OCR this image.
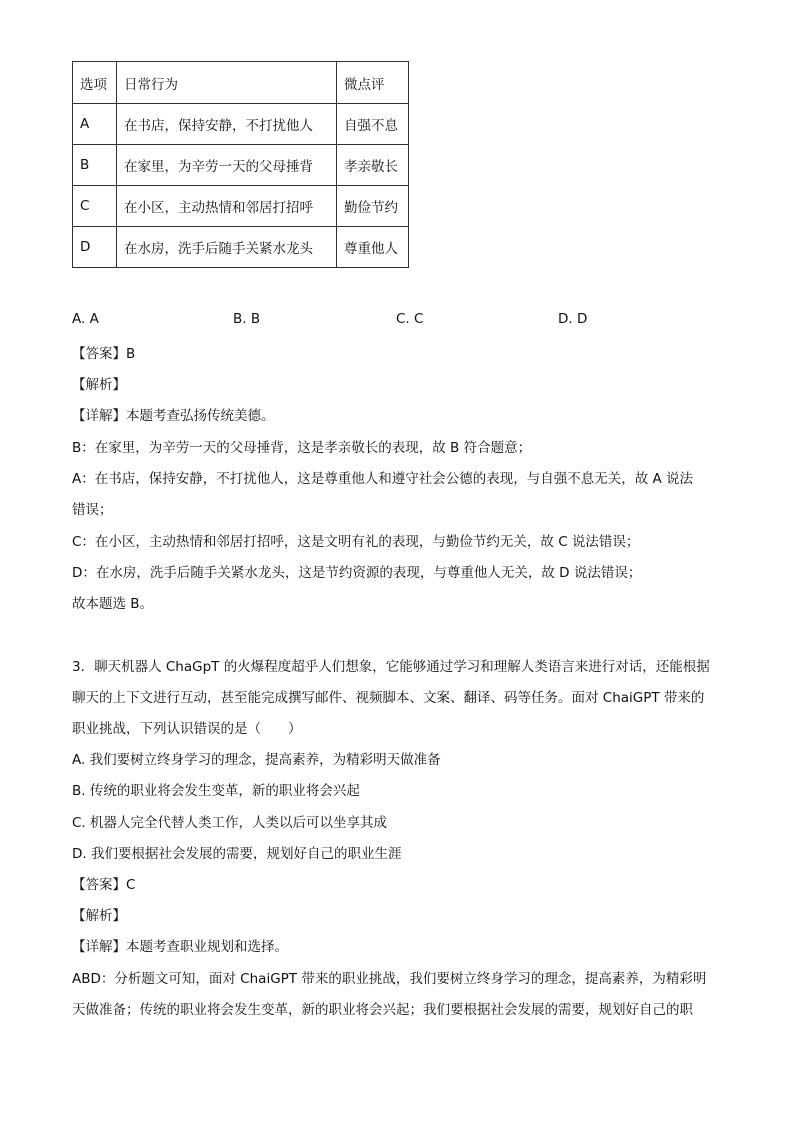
选项	日常行为	微点评
A	在书店，保持安静，不打扰他人	自强不息
B	在家里，为辛劳一天的父母捶背	孝亲敬长
C	在小区，主动热情和邻居打招呼	勤俭节约
D	在水房，洗手后随手关紧水龙头	尊重他人
A. A	B. B	C. C	D. D
【答案】B
【解析】
【详解】本题考查弘扬传统美德。
B：在家里，为辛劳一天的父母捶背，这是孝亲敬长的表现，故 B 符合题意；
A：在书店，保持安静，不打扰他人，这是尊重他人和遵守社会公德的表现，与自强不息无关，故 A 说法
错误；
C：在小区，主动热情和邻居打招呼，这是文明有礼的表现，与勤俭节约无关，故 C 说法错误；
D：在水房，洗手后随手关紧水龙头，这是节约资源的表现，与尊重他人无关，故 D 说法错误；
故本题选 B。
3．聊天机器人 ChaGpT 的火爆程度超乎人们想象，它能够通过学习和理解人类语言来进行对话，还能根据
聊天的上下文进行互动，甚至能完成撰写邮件、视频脚本、文案、翻译、码等任务。面对 ChaiGPT 带来的
职业挑战，下列认识错误的是（　　）
A. 我们要树立终身学习的理念，提高素养，为精彩明天做准备
B. 传统的职业将会发生变革，新的职业将会兴起
C. 机器人完全代替人类工作，人类以后可以坐享其成
D. 我们要根据社会发展的需要，规划好自己的职业生涯
【答案】C
【解析】
【详解】本题考查职业规划和选择。
ABD：分析题文可知，面对 ChaiGPT 带来的职业挑战，我们要树立终身学习的理念，提高素养，为精彩明
天做准备；传统的职业将会发生变革，新的职业将会兴起；我们要根据社会发展的需要，规划好自己的职
